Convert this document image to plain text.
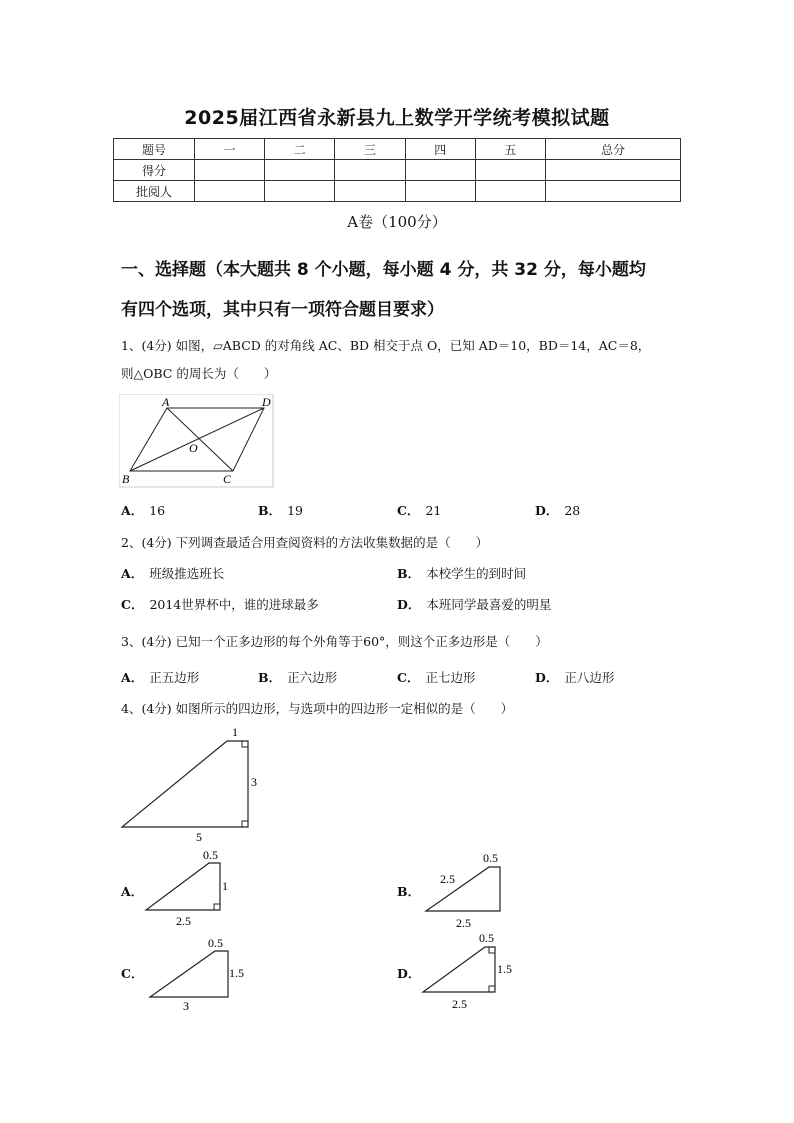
2025届江西省永新县九上数学开学统考模拟试题
题号	一	二	三	四	五	总分
得分						
批阅人						
A卷（100分）
一、选择题（本大题共 8 个小题，每小题 4 分，共 32 分，每小题均
有四个选项，其中只有一项符合题目要求）
1、(4分) 如图，▱ABCD 的对角线 AC、BD 相交于点 O，已知 AD＝10，BD＝14，AC＝8，
则△OBC 的周长为（　　）
A	D
O
B	C
A． 16	B． 19	C． 21	D． 28
2、(4分) 下列调查最适合用查阅资料的方法收集数据的是（　　）
A． 班级推选班长	B． 本校学生的到时间
C． 2014世界杯中，谁的进球最多	D． 本班同学最喜爱的明星
3、(4分) 已知一个正多边形的每个外角等于60°，则这个正多边形是（　　）
A． 正五边形	B． 正六边形	C． 正七边形	D． 正八边形
4、(4分) 如图所示的四边形，与选项中的四边形一定相似的是（　　）
1
3
5
A．
0.5
1
2.5
B．
0.5
2.5
2.5
C．
0.5
1.5
3
D．
0.5
1.5
2.5
